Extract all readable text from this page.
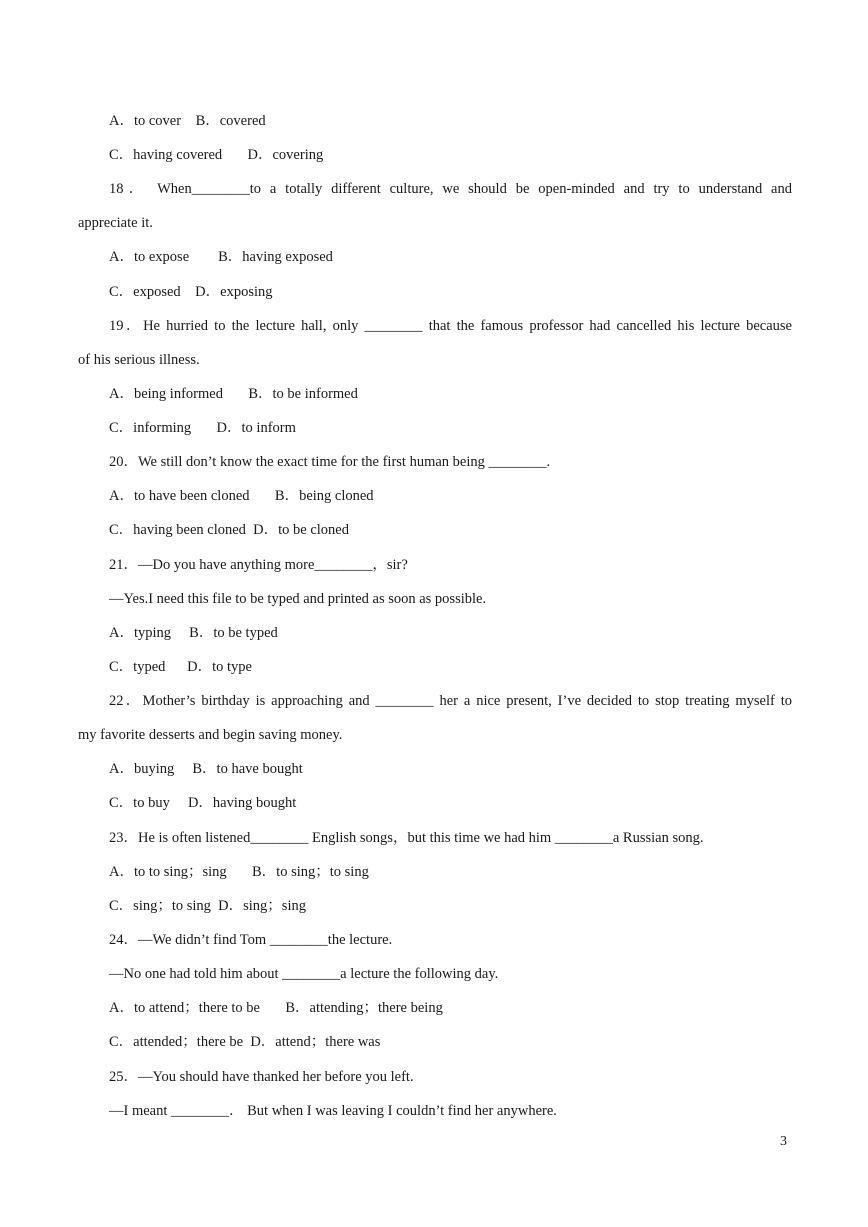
A．to cover    B．covered
C．having covered       D．covering
18． When________to a totally different culture, we should be open-minded and try to understand and
appreciate it.
A．to expose        B．having exposed
C．exposed    D．exposing
19．He hurried to the lecture hall, only ________ that the famous professor had cancelled his lecture because
of his serious illness.
A．being informed       B．to be informed
C．informing       D．to inform
20．We still don’t know the exact time for the first human being ________.
A．to have been cloned       B．being cloned
C．having been cloned  D．to be cloned
21．—Do you have anything more________，sir?
—Yes.I need this file to be typed and printed as soon as possible.
A．typing     B．to be typed
C．typed      D．to type
22．Mother’s birthday is approaching and ________ her a nice present, I’ve decided to stop treating myself to
my favorite desserts and begin saving money.
A．buying     B．to have bought
C．to buy     D．having bought
23．He is often listened________ English songs，but this time we had him ________a Russian song.
A．to to sing；sing       B．to sing；to sing
C．sing；to sing  D．sing；sing
24．—We didn’t find Tom ________the lecture.
—No one had told him about ________a lecture the following day.
A．to attend；there to be       B．attending；there being
C．attended；there be  D．attend；there was
25．—You should have thanked her before you left.
—I meant ________． But when I was leaving I couldn’t find her anywhere.
3
